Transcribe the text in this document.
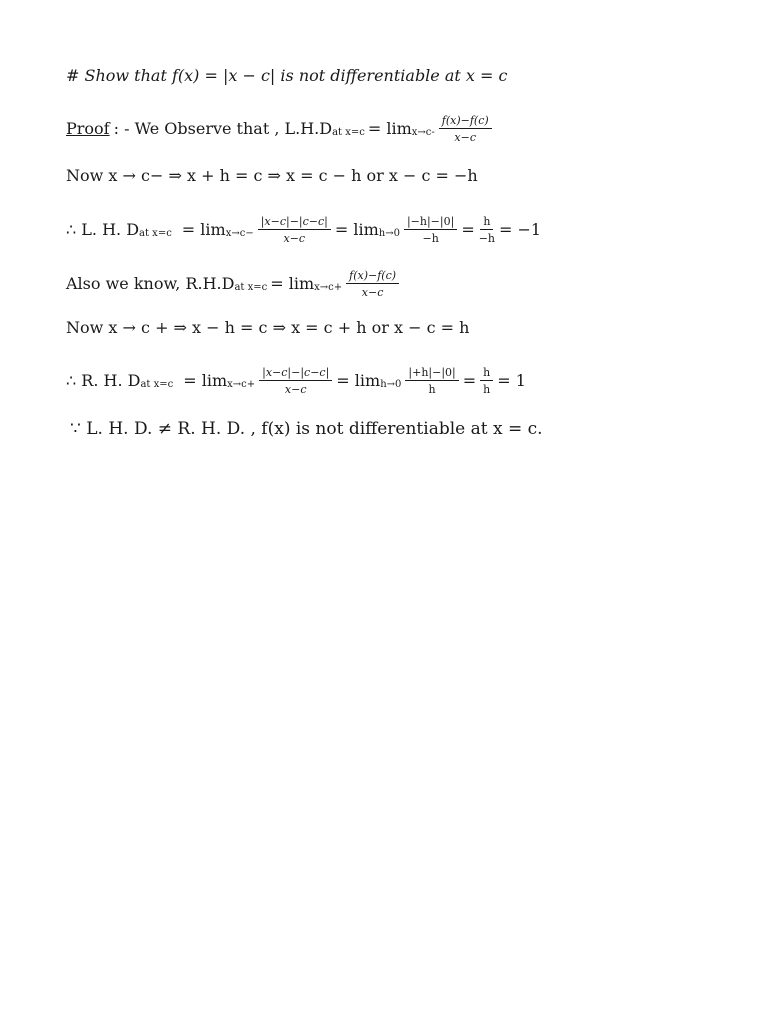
# Show that f(x) = |x − c| is not differentiable at x = c
Proof : - We Observe that , L.H.D at $x=c = \lim x\to c- \frac{f(x)-f(c)}{x-c}$
Now x → c− ⇒ x + h = c ⇒ x = c − h or x − c = −h
∴ L. H. D at $x=c = \lim x\to c- \frac{|x-c|-|c-c|}{x-c} = \lim h\to 0 \frac{|-h|-|0|}{-h} = \frac{h}{-h} = -1$
Also we know, R.H.D at $x=c = \lim x\to c+ \frac{f(x)-f(c)}{x-c}$
Now x → c + ⇒ x − h = c ⇒ x = c + h or x − c = h
∴ R. H. D at $x=c = \lim x\to c+ \frac{|x-c|-|c-c|}{x-c} = \lim h\to 0 \frac{|+h|-|0|}{h} = \frac{h}{h} = 1$
∵ L. H. D. ≠ R. H. D. , f(x) is not differentiable at x = c.
